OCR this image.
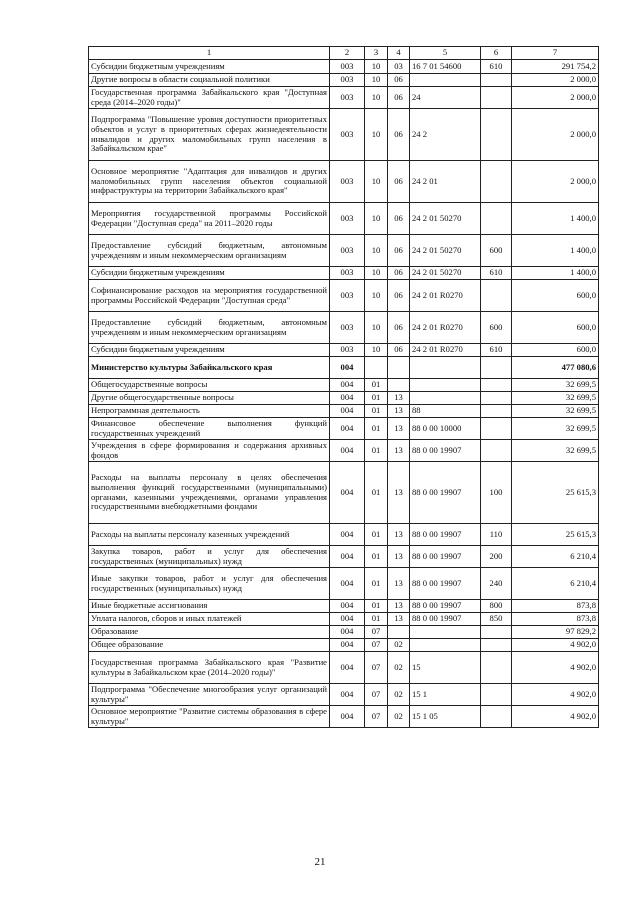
1	2	3	4	5	6	7
Субсидии бюджетным учреждениям	003	10	03	16 7 01 54600	610	291 754,2
Другие вопросы в области социальной политики	003	10	06			2 000,0
Государственная программа Забайкальского края "Доступная среда (2014–2020 годы)"	003	10	06	24		2 000,0
Подпрограмма "Повышение уровня доступности приоритетных объектов и услуг в приоритетных сферах жизнедеятельности инвалидов и других маломобильных групп населения в Забайкальском крае"	003	10	06	24 2		2 000,0
Основное мероприятие "Адаптация для инвалидов и других маломобильных групп населения объектов социальной инфраструктуры на территории Забайкальского края"	003	10	06	24 2 01		2 000,0
Мероприятия государственной программы Российской Федерации "Доступная среда" на 2011–2020 годы	003	10	06	24 2 01 50270		1 400,0
Предоставление субсидий бюджетным, автономным учреждениям и иным некоммерческим организациям	003	10	06	24 2 01 50270	600	1 400,0
Субсидии бюджетным учреждениям	003	10	06	24 2 01 50270	610	1 400,0
Софинансирование расходов на мероприятия государственной программы Российской Федерации "Доступная среда"	003	10	06	24 2 01 R0270		600,0
Предоставление субсидий бюджетным, автономным учреждениям и иным некоммерческим организациям	003	10	06	24 2 01 R0270	600	600,0
Субсидии бюджетным учреждениям	003	10	06	24 2 01 R0270	610	600,0
Министерство культуры Забайкальского края	004					477 080,6
Общегосударственные вопросы	004	01				32 699,5
Другие общегосударственные вопросы	004	01	13			32 699,5
Непрограммная деятельность	004	01	13	88		32 699,5
Финансовое обеспечение выполнения функций государственных учреждений	004	01	13	88 0 00 10000		32 699,5
Учреждения в сфере формирования и содержания архивных фондов	004	01	13	88 0 00 19907		32 699,5
Расходы на выплаты персоналу в целях обеспечения выполнения функций государственными (муниципальными) органами, казенными учреждениями, органами управления государственными внебюджетными фондами	004	01	13	88 0 00 19907	100	25 615,3
Расходы на выплаты персоналу казенных учреждений	004	01	13	88 0 00 19907	110	25 615,3
Закупка товаров, работ и услуг для обеспечения государственных (муниципальных) нужд	004	01	13	88 0 00 19907	200	6 210,4
Иные закупки товаров, работ и услуг для обеспечения государственных (муниципальных) нужд	004	01	13	88 0 00 19907	240	6 210,4
Иные бюджетные ассигнования	004	01	13	88 0 00 19907	800	873,8
Уплата налогов, сборов и иных платежей	004	01	13	88 0 00 19907	850	873,8
Образование	004	07				97 829,2
Общее образование	004	07	02			4 902,0
Государственная программа Забайкальского края "Развитие культуры в Забайкальском крае (2014–2020 годы)"	004	07	02	15		4 902,0
Подпрограмма "Обеспечение многообразия услуг организаций культуры"	004	07	02	15 1		4 902,0
Основное мероприятие "Развитие системы образования в сфере культуры"	004	07	02	15 1 05		4 902,0
21
